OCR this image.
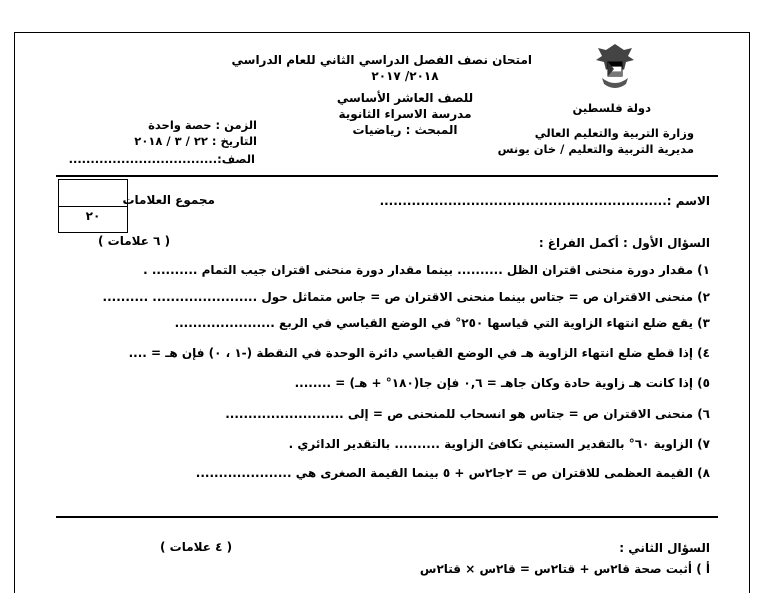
دولة فلسطين
وزارة التربية والتعليم العالي
مديرية التربية والتعليم / خان يونس
امتحان نصف الفصل الدراسي الثاني للعام الدراسي
٢٠١٨/ ٢٠١٧
للصف العاشر الأساسي
مدرسة الاسراء الثانوية
المبحث : رياضيات
الزمن : حصة واحدة
التاريخ : ٢٢ / ٣ / ٢٠١٨
الصف:..................................
٢٠
مجموع العلامات	الاسم :...............................................................
السؤال الأول : أكمل الفراغ :
( ٦ علامات )
١) مقدار دورة منحنى اقتران الظل .......... بينما مقدار دورة منحنى اقتران جيب التمام .......... .
٢) منحنى الاقتران ص = جتاس بينما منحنى الاقتران ص = جاس متماثل حول ....................... ..........
٣) يقع ضلع انتهاء الزاوية التي قياسها ٢٥٠° في الوضع القياسي في الربع ......................
٤) إذا قطع ضلع انتهاء الزاوية هـ في الوضع القياسي دائرة الوحدة في النقطة (-١ ، ٠) فإن هـ = ....
٥) إذا كانت هـ زاوية حادة وكان جاهـ = ٠,٦ فإن جا(١٨٠° + هـ) = ........
٦) منحنى الاقتران ص = جتاس هو انسحاب للمنحنى ص = إلى ..........................
٧) الزاوية ٦٠° بالتقدير الستيني تكافئ الزاوية .......... بالتقدير الدائري .
٨) القيمة العظمى للاقتران ص = ٢جا٢س + ٥ بينما القيمة الصغرى هي .....................
السؤال الثاني :
( ٤ علامات )
أ ) أثبت صحة قا٢س + قتا٢س = قا٢س × قتا٢س
